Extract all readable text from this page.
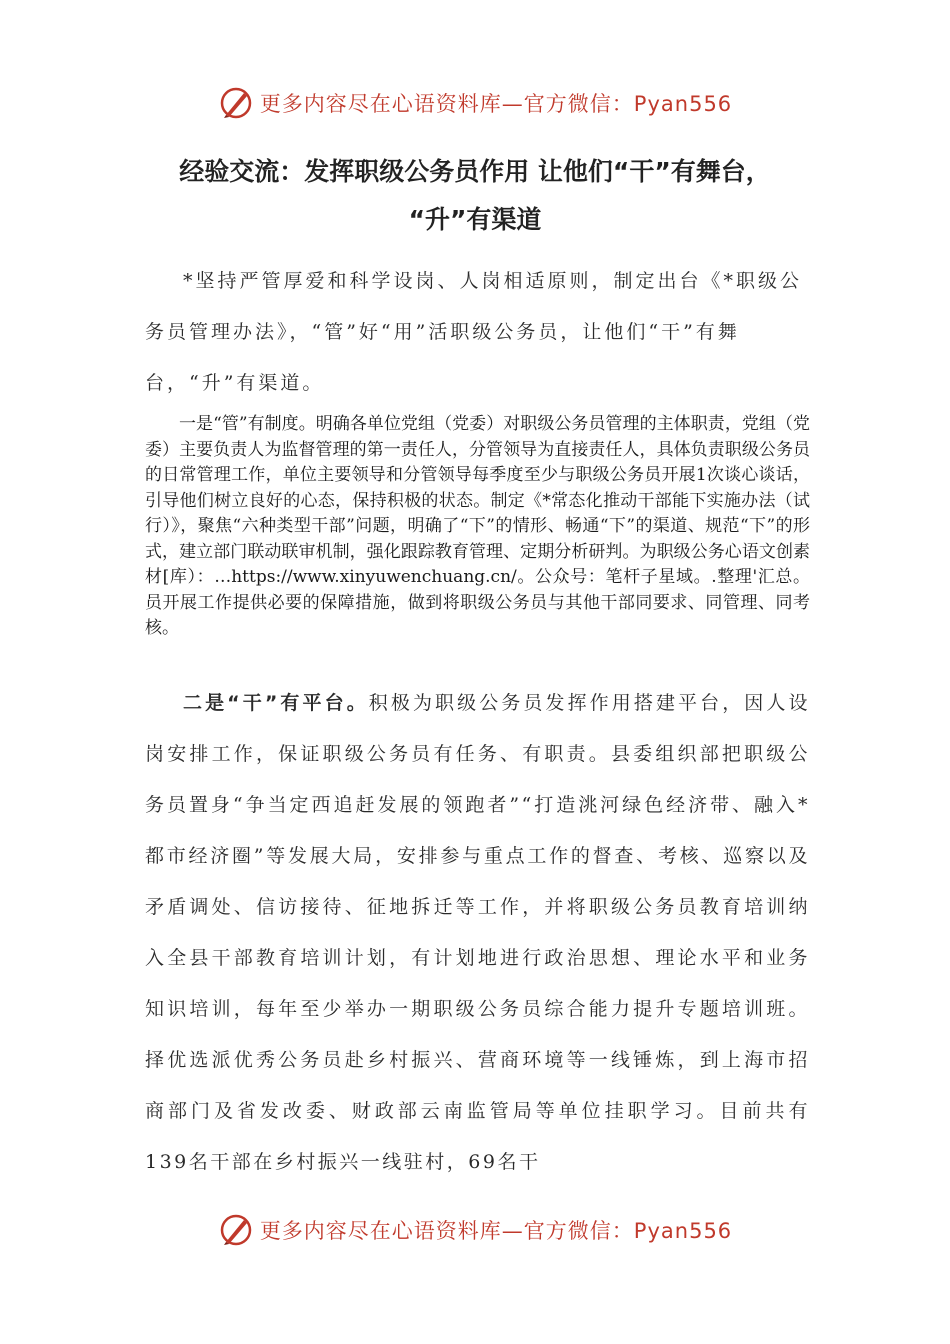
更多内容尽在心语资料库—官方微信：Pyan556
经验交流：发挥职级公务员作用 让他们“干”有舞台，
“升”有渠道

*坚持严管厚爱和科学设岗、人岗相适原则，制定出台《*职级公务员管理办法》，“管”好“用”活职级公务员，让他们“干”有舞台，“升”有渠道。

一是“管”有制度。明确各单位党组（党委）对职级公务员管理的主体职责，党组（党委）主要负责人为监督管理的第一责任人，分管领导为直接责任人，具体负责职级公务员的日常管理工作，单位主要领导和分管领导每季度至少与职级公务员开展1次谈心谈话，引导他们树立良好的心态，保持积极的状态。制定《*常态化推动干部能下实施办法（试行）》，聚焦“六种类型干部”问题，明确了“下”的情形、畅通“下”的渠道、规范“下”的形式，建立部门联动联审机制，强化跟踪教育管理、定期分析研判。为职级公务心语文创素材[库）：…https://www.xinyuwenchuang.cn/。公众号：笔杆子星域。.整理'汇总。员开展工作提供必要的保障措施，做到将职级公务员与其他干部同要求、同管理、同考核。

二是“干”有平台。积极为职级公务员发挥作用搭建平台，因人设岗安排工作，保证职级公务员有任务、有职责。县委组织部把职级公务员置身“争当定西追赶发展的领跑者”“打造洮河绿色经济带、融入*都市经济圈”等发展大局，安排参与重点工作的督查、考核、巡察以及矛盾调处、信访接待、征地拆迁等工作，并将职级公务员教育培训纳入全县干部教育培训计划，有计划地进行政治思想、理论水平和业务知识培训，每年至少举办一期职级公务员综合能力提升专题培训班。择优选派优秀公务员赴乡村振兴、营商环境等一线锤炼，到上海市招商部门及省发改委、财政部云南监管局等单位挂职学习。目前共有139名干部在乡村振兴一线驻村，69名干

更多内容尽在心语资料库—官方微信：Pyan556
